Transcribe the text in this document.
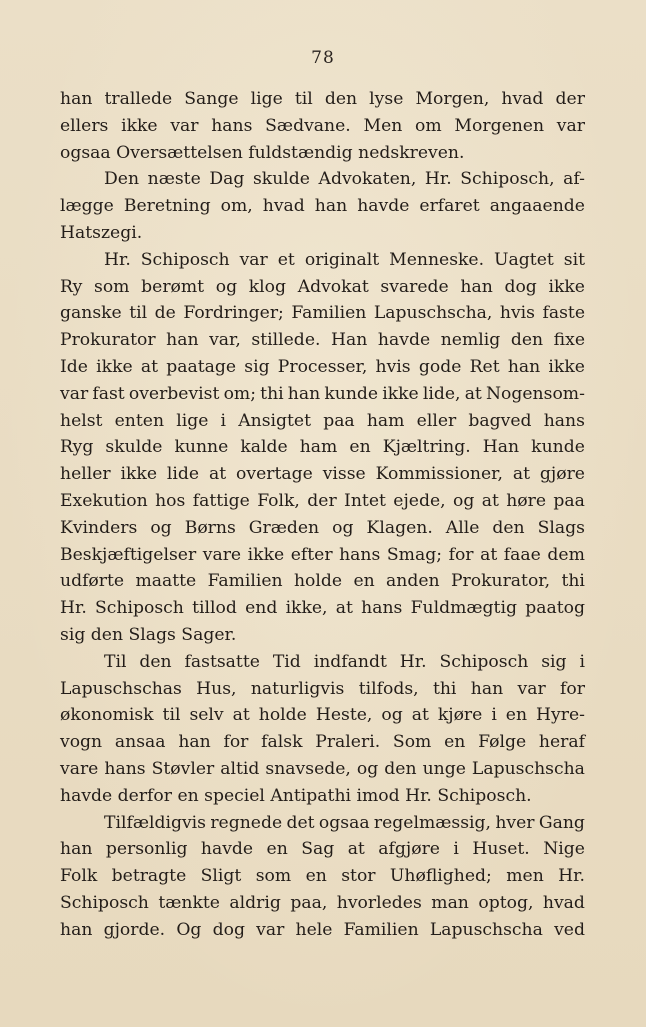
78
han trallede Sange lige til den lyse Morgen, hvad der
ellers ikke var hans Sædvane. Men om Morgenen var
ogsaa Oversættelsen fuldstændig nedskreven.
Den næste Dag skulde Advokaten, Hr. Schiposch, af-
lægge Beretning om, hvad han havde erfaret angaaende
Hatszegi.
Hr. Schiposch var et originalt Menneske. Uagtet sit
Ry som berømt og klog Advokat svarede han dog ikke
ganske til de Fordringer; Familien Lapuschscha, hvis faste
Prokurator han var, stillede. Han havde nemlig den fixe
Ide ikke at paatage sig Processer, hvis gode Ret han ikke
var fast overbevist om; thi han kunde ikke lide, at Nogensom-
helst enten lige i Ansigtet paa ham eller bagved hans
Ryg skulde kunne kalde ham en Kjæltring. Han kunde
heller ikke lide at overtage visse Kommissioner, at gjøre
Exekution hos fattige Folk, der Intet ejede, og at høre paa
Kvinders og Børns Græden og Klagen. Alle den Slags
Beskjæftigelser vare ikke efter hans Smag; for at faae dem
udførte maatte Familien holde en anden Prokurator, thi
Hr. Schiposch tillod end ikke, at hans Fuldmægtig paatog
sig den Slags Sager.
Til den fastsatte Tid indfandt Hr. Schiposch sig i
Lapuschschas Hus, naturligvis tilfods, thi han var for
økonomisk til selv at holde Heste, og at kjøre i en Hyre-
vogn ansaa han for falsk Praleri. Som en Følge heraf
vare hans Støvler altid snavsede, og den unge Lapuschscha
havde derfor en speciel Antipathi imod Hr. Schiposch.
Tilfældigvis regnede det ogsaa regelmæssig, hver Gang
han personlig havde en Sag at afgjøre i Huset. Nige
Folk betragte Sligt som en stor Uhøflighed; men Hr.
Schiposch tænkte aldrig paa, hvorledes man optog, hvad
han gjorde. Og dog var hele Familien Lapuschscha ved
